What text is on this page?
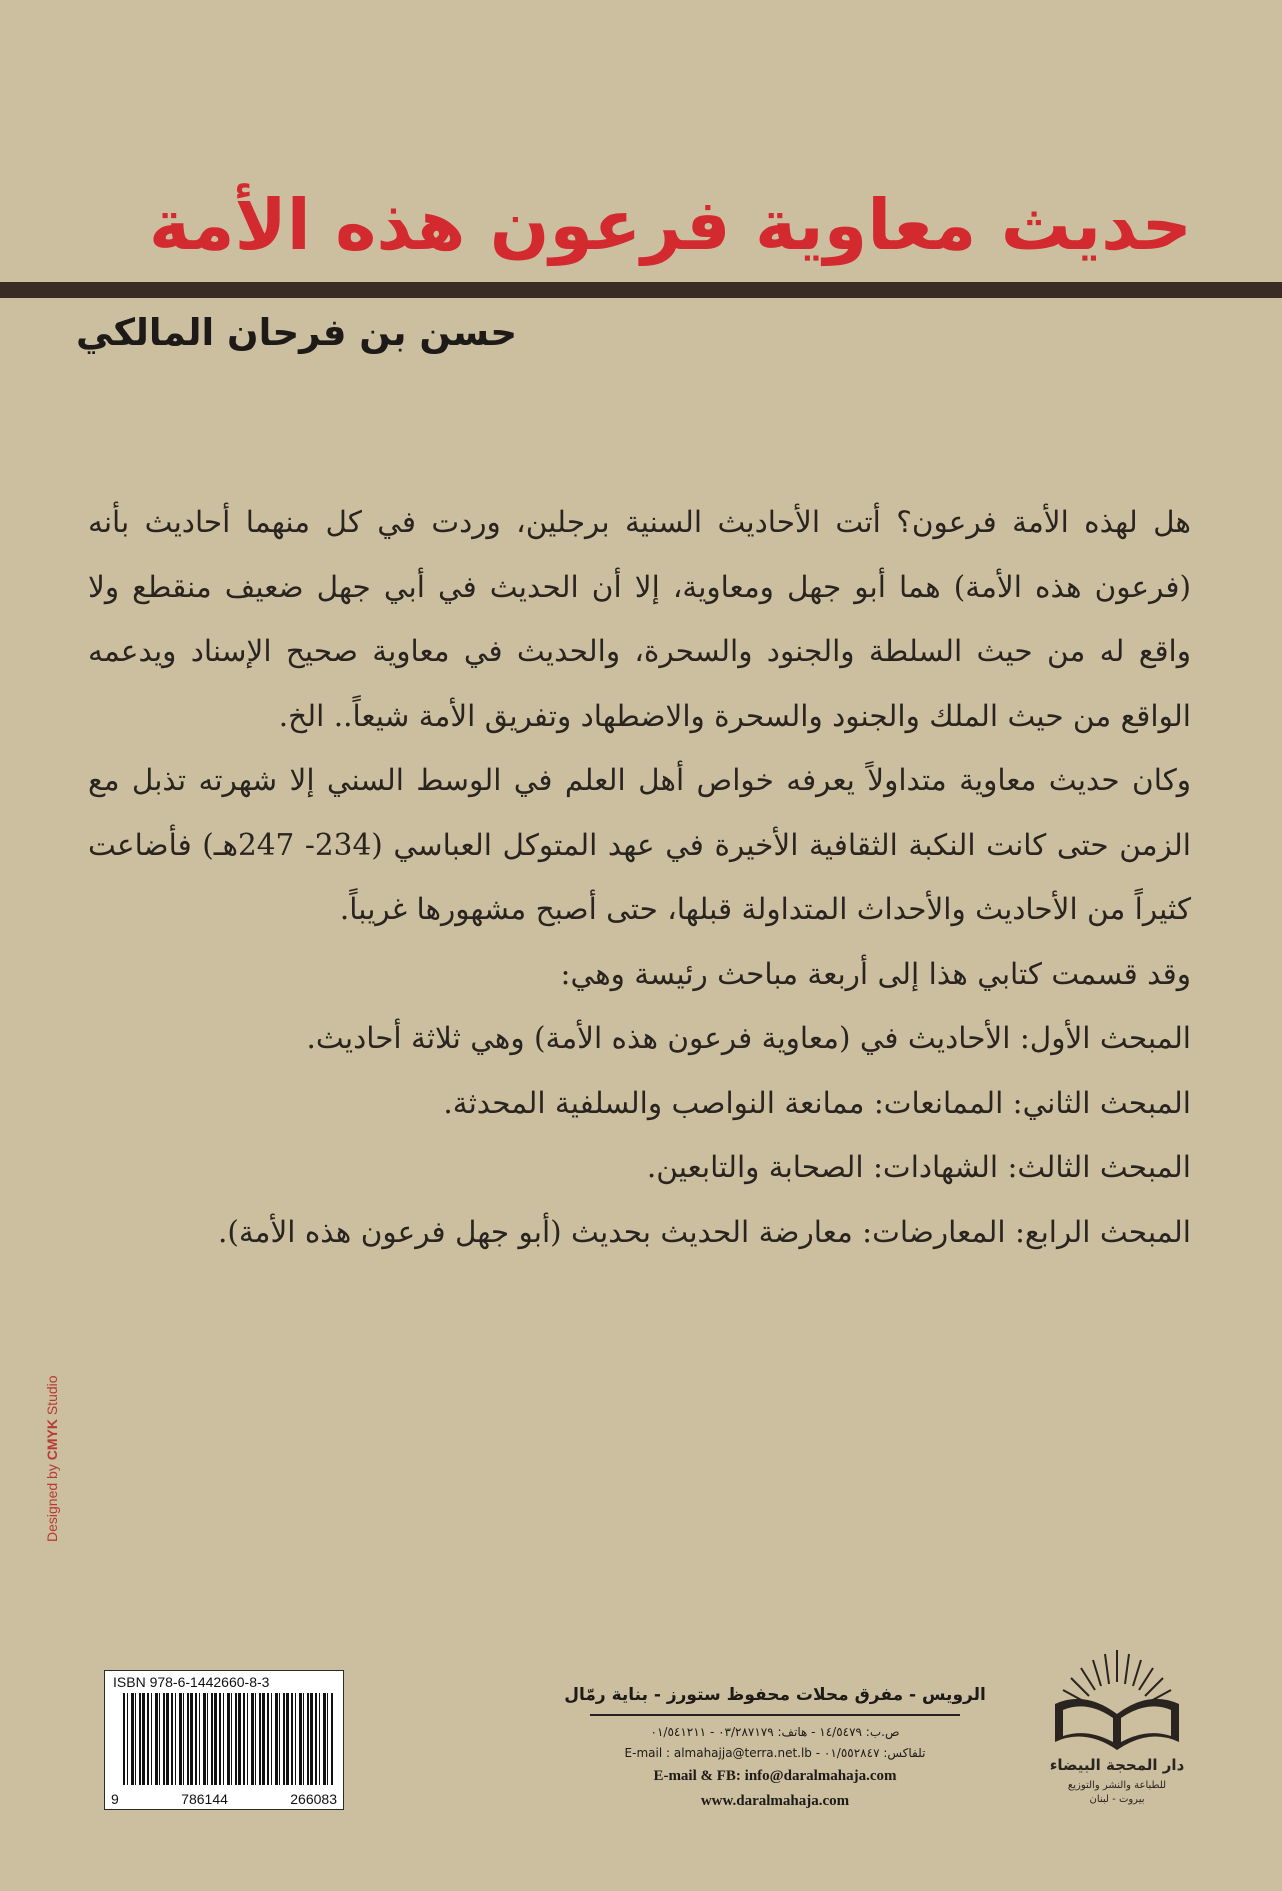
حديث معاوية فرعون هذه الأمة
حسن بن فرحان المالكي

هل لهذه الأمة فرعون؟ أتت الأحاديث السنية برجلين، وردت في كل منهما أحاديث بأنه (فرعون هذه الأمة) هما أبو جهل ومعاوية، إلا أن الحديث في أبي جهل ضعيف منقطع ولا واقع له من حيث السلطة والجنود والسحرة، والحديث في معاوية صحيح الإسناد ويدعمه الواقع من حيث الملك والجنود والسحرة والاضطهاد وتفريق الأمة شيعاً.. الخ.

وكان حديث معاوية متداولاً يعرفه خواص أهل العلم في الوسط السني إلا شهرته تذبل مع الزمن حتى كانت النكبة الثقافية الأخيرة في عهد المتوكل العباسي (234- 247هـ) فأضاعت كثيراً من الأحاديث والأحداث المتداولة قبلها، حتى أصبح مشهورها غريباً.

وقد قسمت كتابي هذا إلى أربعة مباحث رئيسة وهي:

المبحث الأول: الأحاديث في (معاوية فرعون هذه الأمة) وهي ثلاثة أحاديث.

المبحث الثاني: الممانعات: ممانعة النواصب والسلفية المحدثة.

المبحث الثالث: الشهادات: الصحابة والتابعين.

المبحث الرابع: المعارضات: معارضة الحديث بحديث (أبو جهل فرعون هذه الأمة).

Designed by CMYK Studio
ISBN 978-6-1442660-8-3
9	786144	266083
الرويس - مفرق محلات محفوظ ستورز - بناية رمّال
ص.ب: ١٤/٥٤٧٩ - هاتف: ٠٣/٢٨٧١٧٩ - ٠١/٥٤١٢١١
تلفاكس: ٠١/٥٥٢٨٤٧ - E-mail : almahajja@terra.net.lb
E-mail & FB: info@daralmahaja.com
www.daralmahaja.com
دار المحجة البيضاء
للطباعة والنشر والتوزيع
بيروت - لبنان
